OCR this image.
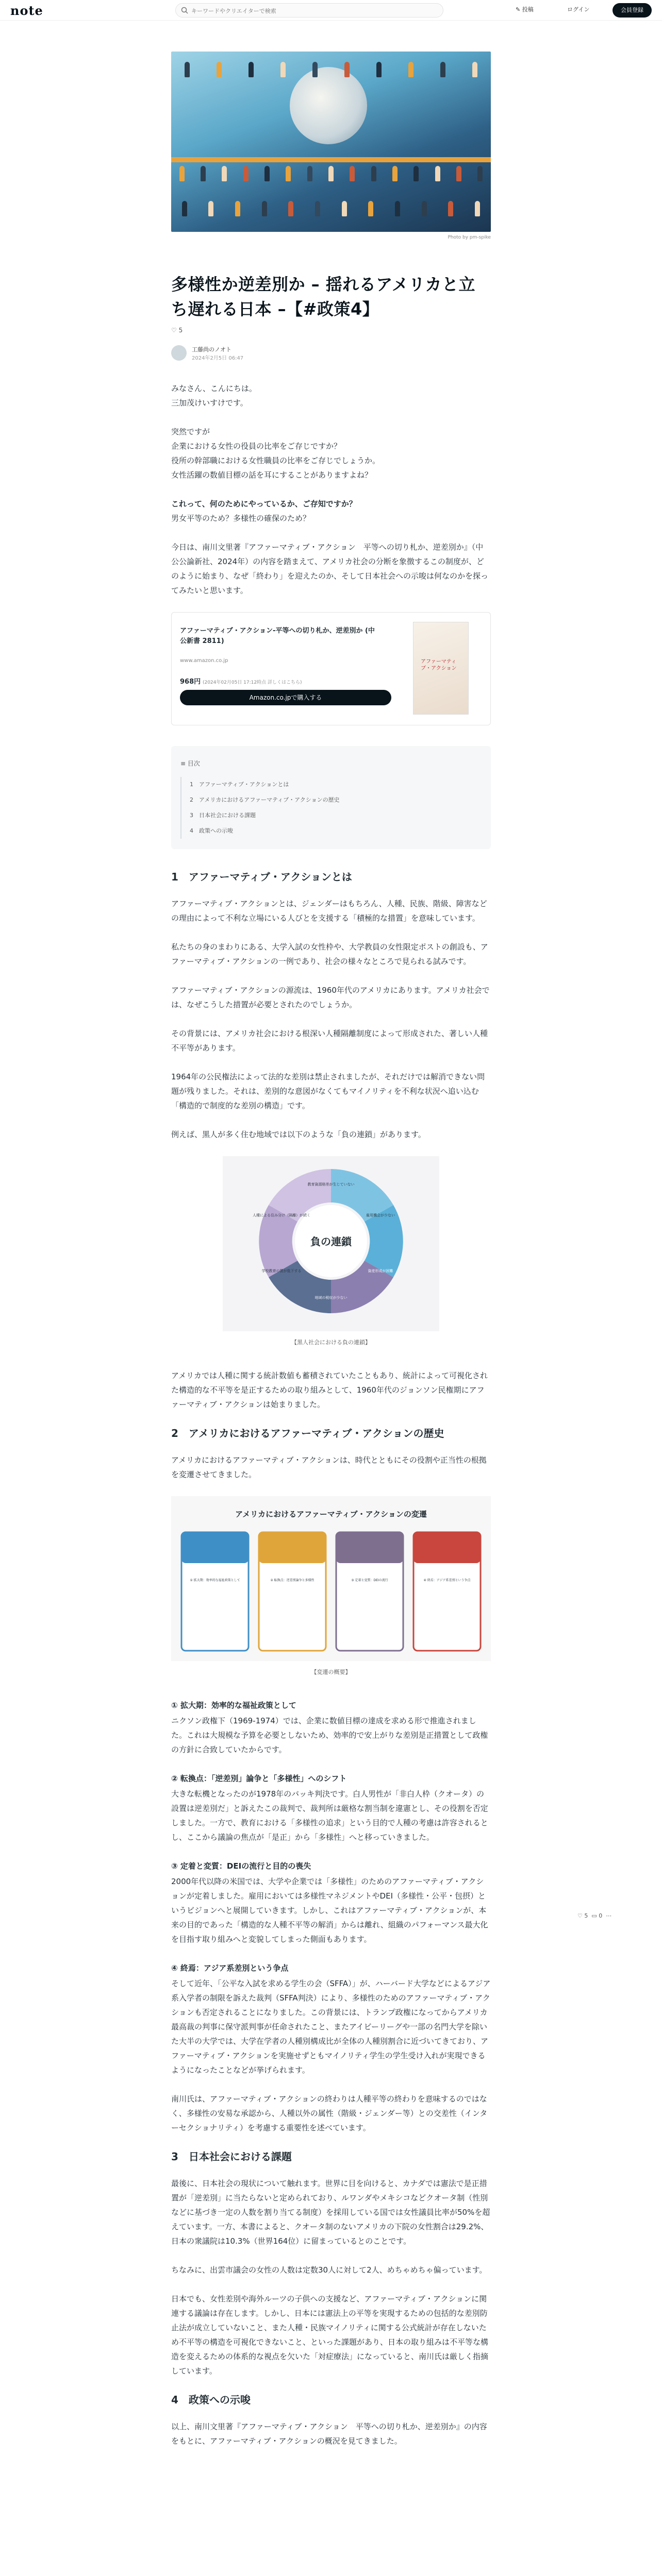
note
キーワードやクリエイターで検索	✎ 投稿	ログイン	会員登録
Photo by pm-spike
多様性か逆差別か – 揺れるアメリカと立ち遅れる日本 –【#政策4】
♡ 5
工藤尚のノオト
2024年2月5日 06:47

みなさん、こんにちは。
三加茂けいすけです。

突然ですが
企業における女性の役員の比率をご存じですか？
役所の幹部職における女性職員の比率をご存じでしょうか。
女性活躍の数値目標の話を耳にすることがありますよね？

これって、何のためにやっているか、ご存知ですか？
男女平等のため？多様性の確保のため？

今日は、南川文里著『アファーマティブ・アクション　平等への切り札か、逆差別か』（中公公論新社、2024年）の内容を踏まえて、アメリカ社会の分断を象徴するこの制度が、どのように始まり、なぜ「終わり」を迎えたのか、そして日本社会への示唆は何なのかを探ってみたいと思います。

アファーマティブ・アクション-平等への切り札か、逆差別か (中公新書 2811)
www.amazon.co.jp
968円 (2024年02月05日 17:12時点 詳しくはこちら)
Amazon.co.jpで購入する
アファーマティブ・アクション
≡ 目次
1　アファーマティブ・アクションとは
2　アメリカにおけるアファーマティブ・アクションの歴史
3　日本社会における課題
4　政策への示唆
1　アファーマティブ・アクションとは

アファーマティブ・アクションとは、ジェンダーはもちろん、人種、民族、階級、障害などの理由によって不利な立場にいる人びとを支援する「積極的な措置」を意味しています。

私たちの身のまわりにある、大学入試の女性枠や、大学教員の女性限定ポストの創設も、アファーマティブ・アクションの一例であり、社会の様々なところで見られる試みです。

アファーマティブ・アクションの源流は、1960年代のアメリカにあります。アメリカ社会では、なぜこうした措置が必要とされたのでしょうか。

その背景には、アメリカ社会における根深い人種隔離制度によって形成された、著しい人種不平等があります。

1964年の公民権法によって法的な差別は禁止されましたが、それだけでは解消できない問題が残りました。それは、差別的な意図がなくてもマイノリティを不利な状況へ追い込む「構造的で制度的な差別の構造」です。

例えば、黒人が多く住む地域では以下のような「負の連鎖」があります。

負の連鎖
教育資源格差が生じていない
雇用機会が少ない
資産形成が困難
地域の税収が少ない
学校教育の質が低下する
人種による住み分け（隔離）が続く
【黒人社会における負の連鎖】

アメリカでは人種に関する統計数値も蓄積されていたこともあり、統計によって可視化された構造的な不平等を是正するための取り組みとして、1960年代のジョンソン民権期にアファーマティブ・アクションは始まりました。

2　アメリカにおけるアファーマティブ・アクションの歴史

アメリカにおけるアファーマティブ・アクションは、時代とともにその役割や正当性の根拠を変遷させてきました。

アメリカにおけるアファーマティブ・アクションの変遷
① 拡大期：効率的な福祉政策として	② 転換点：逆差別論争と多様性	③ 定着と変質：DEIの流行	④ 終焉：アジア系差別という争点
【変遷の概要】
① 拡大期：効率的な福祉政策として

ニクソン政権下（1969-1974）では、企業に数値目標の達成を求める形で推進されました。これは大規模な予算を必要としないため、効率的で安上がりな差別是正措置として政権の方針に合致していたからです。

② 転換点：「逆差別」論争と「多様性」へのシフト

大きな転機となったのが1978年のバッキ判決です。白人男性が「非白人枠（クオータ）の設置は逆差別だ」と訴えたこの裁判で、裁判所は厳格な割当制を違憲とし、その役割を否定しました。一方で、教育における「多様性の追求」という目的で人種の考慮は許容されるとし、ここから議論の焦点が「是正」から「多様性」へと移っていきました。

③ 定着と変質：DEIの流行と目的の喪失

2000年代以降の米国では、大学や企業では「多様性」のためのアファーマティブ・アクションが定着しました。雇用においては多様性マネジメントやDEI（多様性・公平・包摂）というビジョンへと展開していきます。しかし、これはアファーマティブ・アクションが、本来の目的であった「構造的な人種不平等の解消」からは離れ、組織のパフォーマンス最大化を目指す取り組みへと変貌してしまった側面もあります。

④ 終焉：アジア系差別という争点

そして近年、「公平な入試を求める学生の会（SFFA）」が、ハーバード大学などによるアジア系入学者の制限を訴えた裁判（SFFA判決）により、多様性のためのアファーマティブ・アクションも否定されることになりました。この背景には、トランプ政権になってからアメリカ最高裁の判事に保守派判事が任命されたこと、またアイビーリーグや一部の名門大学を除いた大半の大学では、大学在学者の人種別構成比が全体の人種別割合に近づいてきており、アファーマティブ・アクションを実施せずともマイノリティ学生の学生受け入れが実現できるようになったことなどが挙げられます。

南川氏は、アファーマティブ・アクションの終わりは人種平等の終わりを意味するのではなく、多様性の安易な承認から、人種以外の属性（階級・ジェンダー等）との交差性（インターセクショナリティ）を考慮する重要性を述べています。

3　日本社会における課題

最後に、日本社会の現状について触れます。世界に目を向けると、カナダでは憲法で是正措置が「逆差別」に当たらないと定められており、ルワンダやメキシコなどクオータ制（性別などに基づき一定の人数を割り当てる制度）を採用している国では女性議員比率が50%を超えています。一方、本書によると、クオータ制のないアメリカの下院の女性割合は29.2%、日本の衆議院は10.3%（世界164位）に留まっているとのことです。

ちなみに、出雲市議会の女性の人数は定数30人に対して2人、めちゃめちゃ偏っています。

日本でも、女性差別や海外ルーツの子供への支援など、アファーマティブ・アクションに関連する議論は存在します。しかし、日本には憲法上の平等を実現するための包括的な差別防止法が成立していないこと、また人種・民族マイノリティに関する公式統計が存在しないため不平等の構造を可視化できないこと、といった課題があり、日本の取り組みは不平等な構造を変えるための体系的な視点を欠いた「対症療法」になっていると、南川氏は厳しく指摘しています。

4　政策への示唆

以上、南川文里著『アファーマティブ・アクション　平等への切り札か、逆差別か』の内容をもとに、アファーマティブ・アクションの概況を見てきました。

♡ 5 ▭ 0 ⋯
